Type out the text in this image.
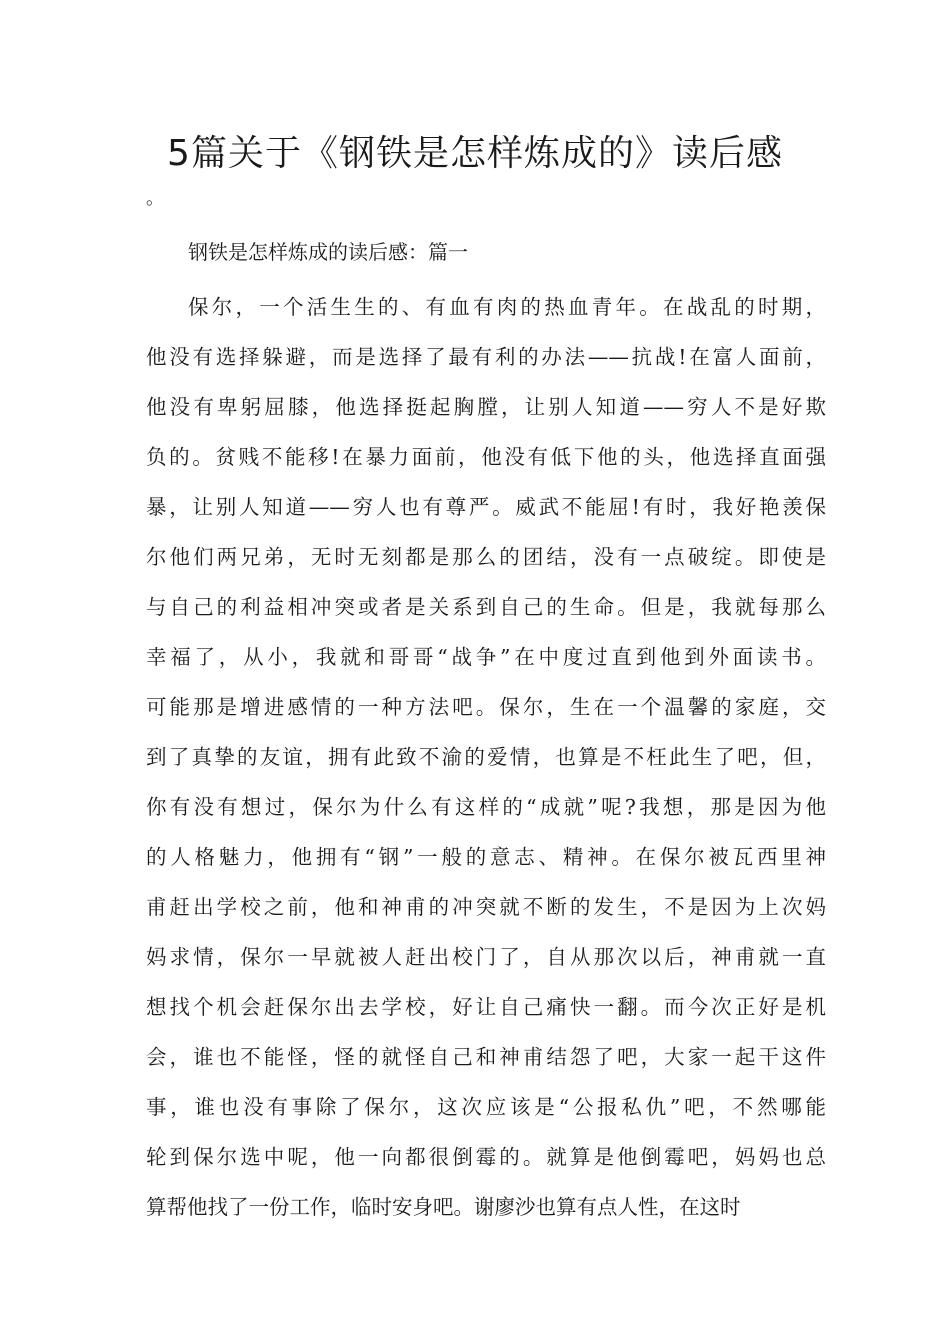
5篇关于《钢铁是怎样炼成的》读后感
。
钢铁是怎样炼成的读后感：篇一
保尔，一个活生生的、有血有肉的热血青年。在战乱的时期，
他没有选择躲避，而是选择了最有利的办法——抗战!在富人面前，
他没有卑躬屈膝，他选择挺起胸膛，让别人知道——穷人不是好欺
负的。贫贱不能移!在暴力面前，他没有低下他的头，他选择直面强
暴，让别人知道——穷人也有尊严。威武不能屈!有时，我好艳羡保
尔他们两兄弟，无时无刻都是那么的团结，没有一点破绽。即使是
与自己的利益相冲突或者是关系到自己的生命。但是，我就每那么
幸福了，从小，我就和哥哥“战争”在中度过直到他到外面读书。
可能那是增进感情的一种方法吧。保尔，生在一个温馨的家庭，交
到了真挚的友谊，拥有此致不渝的爱情，也算是不枉此生了吧，但，
你有没有想过，保尔为什么有这样的“成就”呢?我想，那是因为他
的人格魅力，他拥有“钢”一般的意志、精神。在保尔被瓦西里神
甫赶出学校之前，他和神甫的冲突就不断的发生，不是因为上次妈
妈求情，保尔一早就被人赶出校门了，自从那次以后，神甫就一直
想找个机会赶保尔出去学校，好让自己痛快一翻。而今次正好是机
会，谁也不能怪，怪的就怪自己和神甫结怨了吧，大家一起干这件
事，谁也没有事除了保尔，这次应该是“公报私仇”吧，不然哪能
轮到保尔选中呢，他一向都很倒霉的。就算是他倒霉吧，妈妈也总
算帮他找了一份工作，临时安身吧。谢廖沙也算有点人性，在这时
